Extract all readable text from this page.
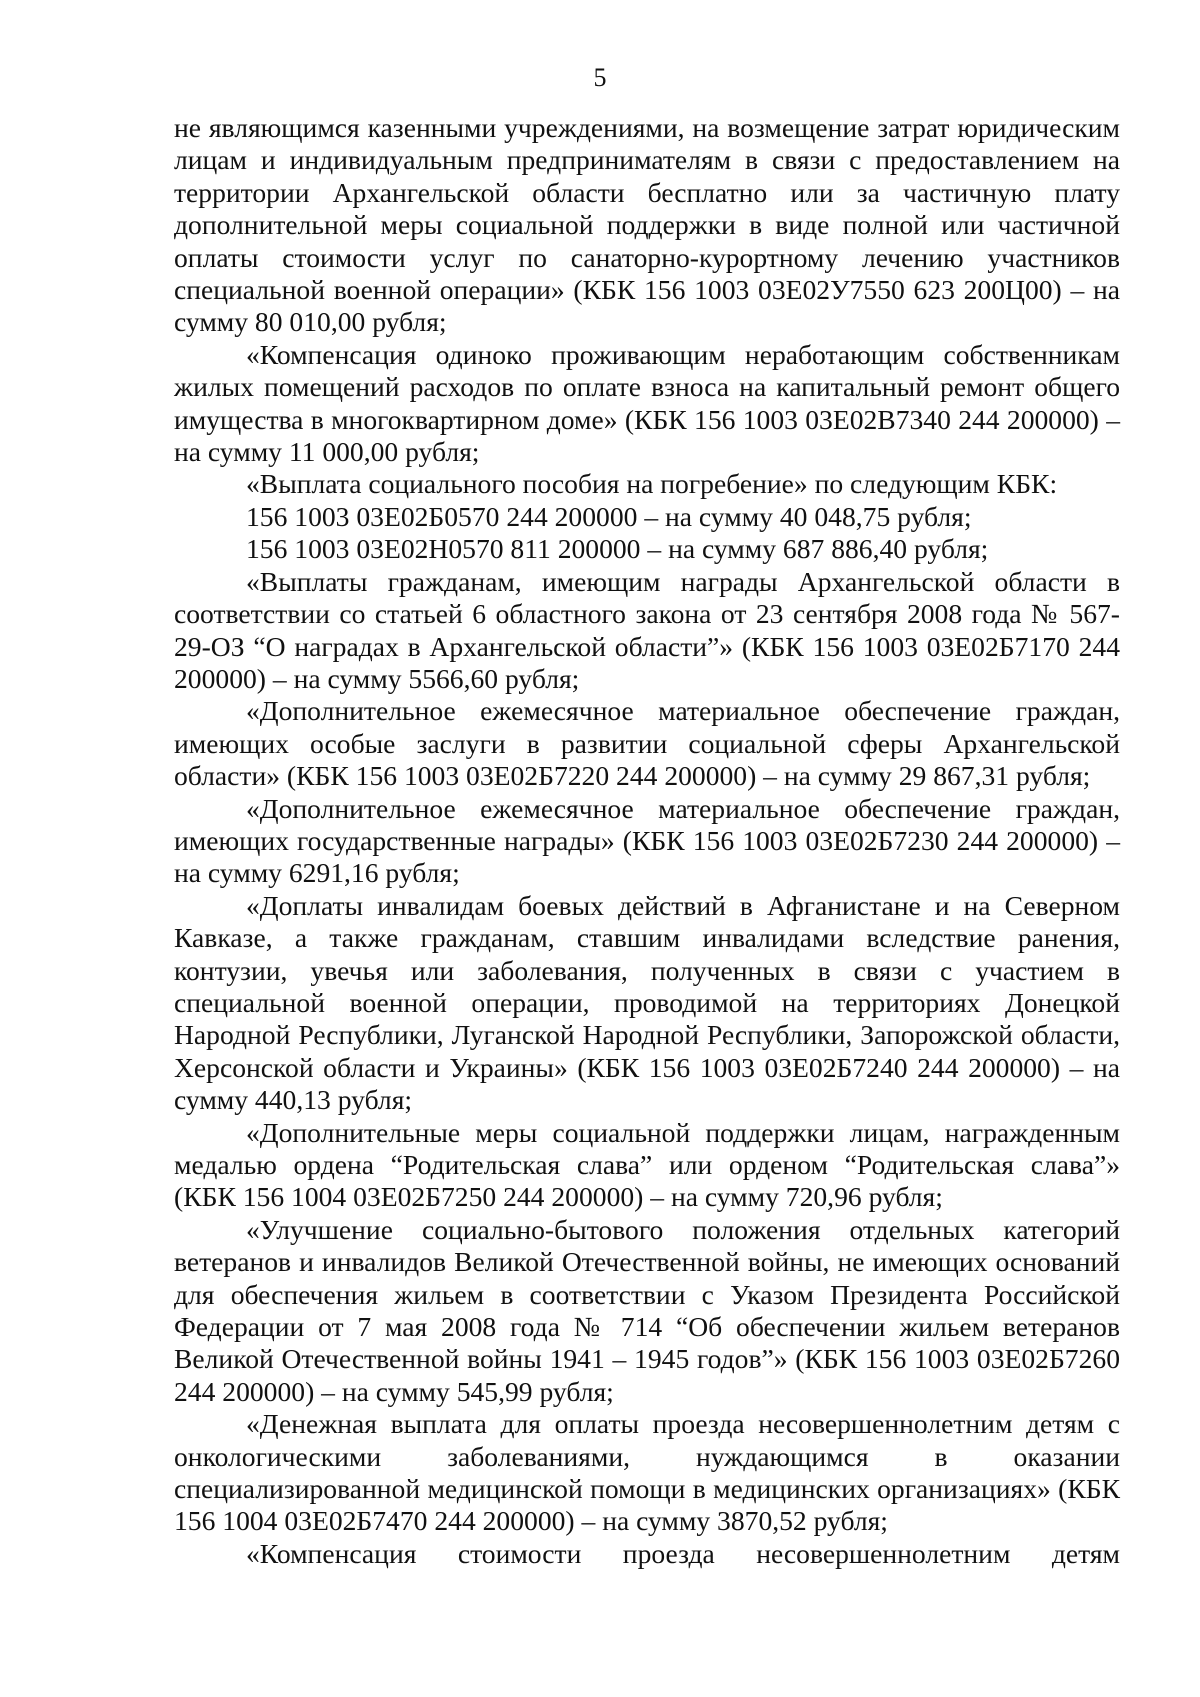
5

не являющимся казенными учреждениями, на возмещение затрат юридическим лицам и индивидуальным предпринимателям в связи с предоставлением на территории Архангельской области бесплатно или за частичную плату дополнительной меры социальной поддержки в виде полной или частичной оплаты стоимости услуг по санаторно-курортному лечению участников специальной военной операции» (КБК 156 1003 03Е02У7550 623 200Ц00) – на сумму 80 010,00 рубля;

«Компенсация одиноко проживающим неработающим собственникам жилых помещений расходов по оплате взноса на капитальный ремонт общего имущества в многоквартирном доме» (КБК 156 1003 03Е02В7340 244 200000) – на сумму 11 000,00 рубля;

«Выплата социального пособия на погребение» по следующим КБК:

156 1003 03Е02Б0570 244 200000 – на сумму 40 048,75 рубля;

156 1003 03Е02Н0570 811 200000 – на сумму 687 886,40 рубля;

«Выплаты гражданам, имеющим награды Архангельской области в соответствии со статьей 6 областного закона от 23 сентября 2008 года № 567-29-ОЗ “О наградах в Архангельской области”» (КБК 156 1003 03Е02Б7170 244 200000) – на сумму 5566,60 рубля;

«Дополнительное ежемесячное материальное обеспечение граждан, имеющих особые заслуги в развитии социальной сферы Архангельской области» (КБК 156 1003 03Е02Б7220 244 200000) – на сумму 29 867,31 рубля;

«Дополнительное ежемесячное материальное обеспечение граждан, имеющих государственные награды» (КБК 156 1003 03Е02Б7230 244 200000) – на сумму 6291,16 рубля;

«Доплаты инвалидам боевых действий в Афганистане и на Северном Кавказе, а также гражданам, ставшим инвалидами вследствие ранения, контузии, увечья или заболевания, полученных в связи с участием в специальной военной операции, проводимой на территориях Донецкой Народной Республики, Луганской Народной Республики, Запорожской области, Херсонской области и Украины» (КБК 156 1003 03Е02Б7240 244 200000) – на сумму 440,13 рубля;

«Дополнительные меры социальной поддержки лицам, награжденным медалью ордена “Родительская слава” или орденом “Родительская слава”» (КБК 156 1004 03Е02Б7250 244 200000) – на сумму 720,96 рубля;

«Улучшение социально-бытового положения отдельных категорий ветеранов и инвалидов Великой Отечественной войны, не имеющих оснований для обеспечения жильем в соответствии с Указом Президента Российской Федерации от 7 мая 2008 года № 714 “Об обеспечении жильем ветеранов Великой Отечественной войны 1941 – 1945 годов”» (КБК 156 1003 03Е02Б7260 244 200000) – на сумму 545,99 рубля;

«Денежная выплата для оплаты проезда несовершеннолетним детям с онкологическими заболеваниями, нуждающимся в оказании специализированной медицинской помощи в медицинских организациях» (КБК 156 1004 03Е02Б7470 244 200000) – на сумму 3870,52 рубля;

«Компенсация стоимости проезда несовершеннолетним детям
